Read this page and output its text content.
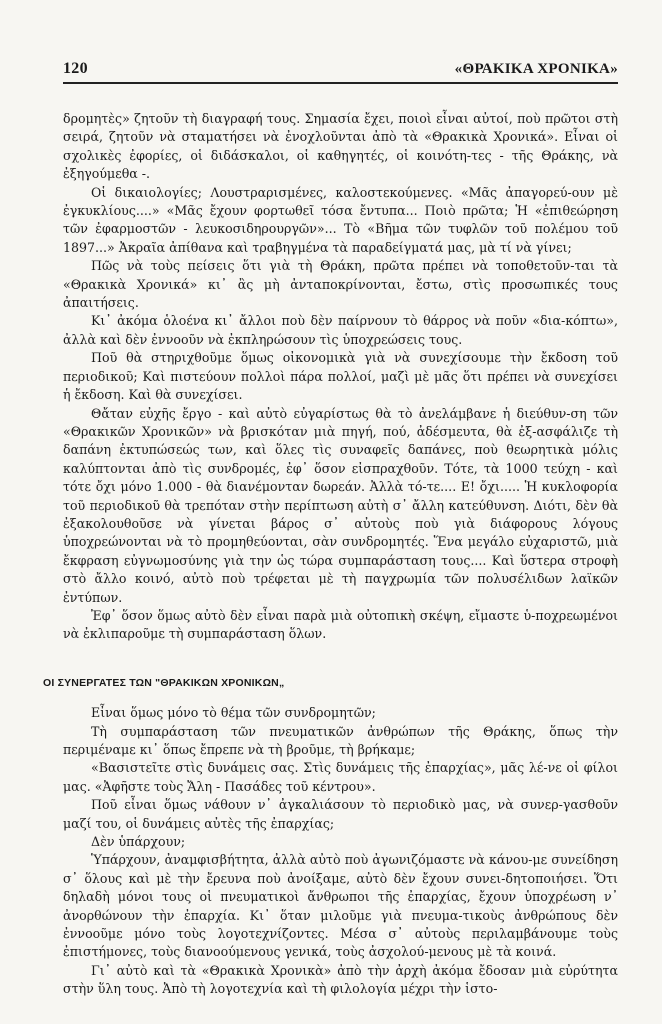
120	«ΘΡΑΚΙΚΑ ΧΡΟΝΙΚΑ»

δρομητὲς» ζητοῦν τὴ διαγραφή τους. Σημασία ἔχει, ποιοὶ εἶναι αὐτοί, ποὺ πρῶτοι στὴ σειρά, ζητοῦν νὰ σταματήσει νὰ ἐνοχλοῦνται ἀπὸ τὰ «Θρακικὰ Χρονικά». Εἶναι οἱ σχολικὲς ἐφορίες, οἱ διδάσκαλοι, οἱ καθηγητές, οἱ κοινότη-τες - τῆς Θράκης, νὰ ἐξηγούμεθα -.

Οἱ δικαιολογίες; Λουστραρισμένες, καλοστεκούμενες. «Μᾶς ἀπαγορεύ-ουν μὲ ἐγκυκλίους....» «Μᾶς ἔχουν φορτωθεῖ τόσα ἔντυπα... Ποιὸ πρῶτα; Ἡ «ἐπιθεώρηση τῶν ἐφαρμοστῶν - λευκοσιδηρουργῶν»... Τὸ «Βῆμα τῶν τυφλῶν τοῦ πολέμου τοῦ 1897...» Ἀκραῖα ἀπίθανα καὶ τραβηγμένα τὰ παραδείγματά μας, μὰ τί νὰ γίνει;

Πῶς νὰ τοὺς πείσεις ὅτι γιὰ τὴ Θράκη, πρῶτα πρέπει νὰ τοποθετοῦν-ται τὰ «Θρακικὰ Χρονικά» κι᾽ ἂς μὴ ἀνταποκρίνονται, ἔστω, στὶς προσωπικές τους ἀπαιτήσεις.

Κι᾽ ἀκόμα ὁλοένα κι᾽ ἄλλοι ποὺ δὲν παίρνουν τὸ θάρρος νὰ ποῦν «δια-κόπτω», ἀλλὰ καὶ δὲν ἐννοοῦν νὰ ἐκπληρώσουν τὶς ὑποχρεώσεις τους.

Ποῦ θὰ στηριχθοῦμε ὅμως οἰκονομικὰ γιὰ νὰ συνεχίσουμε τὴν ἔκδοση τοῦ περιοδικοῦ; Καὶ πιστεύουν πολλοὶ πάρα πολλοί, μαζὶ μὲ μᾶς ὅτι πρέπει νὰ συνεχίσει ἡ ἔκδοση. Καὶ θὰ συνεχίσει.

Θἄταν εὐχῆς ἔργο - καὶ αὐτὸ εὐγαρίστως θὰ τὸ ἀνελάμβανε ἡ διεύθυν-ση τῶν «Θρακικῶν Χρονικῶν» νὰ βρισκόταν μιὰ πηγή, πού, ἀδέσμευτα, θὰ ἐξ-ασφάλιζε τὴ δαπάνη ἐκτυπώσεώς των, καὶ ὅλες τὶς συναφεῖς δαπάνες, ποὺ θεωρητικὰ μόλις καλύπτονται ἀπὸ τὶς συνδρομές, ἐφ᾽ ὅσον εἰσπραχθοῦν. Τότε, τὰ 1000 τεύχη - καὶ τότε ὄχι μόνο 1.000 - θὰ διανέμονταν δωρεάν. Ἀλλὰ τό-τε.... Ε! ὄχι..... Ἡ κυκλοφορία τοῦ περιοδικοῦ θὰ τρεπόταν στὴν περίπτωση αὐτὴ σ᾽ ἄλλη κατεύθυνση. Διότι, δὲν θὰ ἐξακολουθοῦσε νὰ γίνεται βάρος σ᾽ αὐτοὺς ποὺ γιὰ διάφορους λόγους ὑποχρεώνονται νὰ τὸ προμηθεύονται, σὰν συνδρομητές. Ἕνα μεγάλο εὐχαριστῶ, μιὰ ἔκφραση εὐγνωμοσύνης γιὰ την ὡς τώρα συμπαράσταση τους.... Καὶ ὕστερα στροφὴ στὸ ἄλλο κοινό, αὐτὸ ποὺ τρέφεται μὲ τὴ παγχρωμία τῶν πολυσέλιδων λαϊκῶν ἐντύπων.

Ἐφ᾽ ὅσον ὅμως αὐτὸ δὲν εἶναι παρὰ μιὰ οὐτοπικὴ σκέψη, εἴμαστε ὑ-ποχρεωμένοι νὰ ἐκλιπαροῦμε τὴ συμπαράσταση ὅλων.

ΟΙ ΣΥΝΕΡΓΑΤΕΣ ΤΩΝ "ΘΡΑΚΙΚΩΝ ΧΡΟΝΙΚΩΝ„

Εἶναι ὅμως μόνο τὸ θέμα τῶν συνδρομητῶν;

Τὴ συμπαράσταση τῶν πνευματικῶν ἀνθρώπων τῆς Θράκης, ὅπως τὴν περιμέναμε κι᾽ ὅπως ἔπρεπε νὰ τὴ βροῦμε, τὴ βρήκαμε;

«Βασιστεῖτε στὶς δυνάμεις σας. Στὶς δυνάμεις τῆς ἐπαρχίας», μᾶς λέ-νε οἱ φίλοι μας. «Ἀφῆστε τοὺς Ἄλη - Πασάδες τοῦ κέντρου».

Ποῦ εἶναι ὅμως νάθουν ν᾽ ἀγκαλιάσουν τὸ περιοδικὸ μας, νὰ συνερ-γασθοῦν μαζί του, οἱ δυνάμεις αὐτὲς τῆς ἐπαρχίας;

Δὲν ὑπάρχουν;

Ὑπάρχουν, ἀναμφισβήτητα, ἀλλὰ αὐτὸ ποὺ ἀγωνιζόμαστε νὰ κάνου-με συνείδηση σ᾽ ὅλους καὶ μὲ τὴν ἔρευνα ποὺ ἀνοίξαμε, αὐτὸ δὲν ἔχουν συνει-δητοποιήσει. Ὅτι δηλαδὴ μόνοι τους οἱ πνευματικοὶ ἄνθρωποι τῆς ἐπαρχίας, ἔχουν ὑποχρέωση ν᾽ ἀνορθώνουν τὴν ἐπαρχία. Κι᾽ ὅταν μιλοῦμε γιὰ πνευμα-τικοὺς ἀνθρώπους δὲν ἐννοοῦμε μόνο τοὺς λογοτεχνίζοντες. Μέσα σ᾽ αὐτοὺς περιλαμβάνουμε τοὺς ἐπιστήμονες, τοὺς διανοούμενους γενικά, τοὺς ἀσχολού-μενους μὲ τὰ κοινά.

Γι᾽ αὐτὸ καὶ τὰ «Θρακικὰ Χρονικὰ» ἀπὸ τὴν ἀρχὴ ἀκόμα ἔδοσαν μιὰ εὐρύτητα στὴν ὕλη τους. Ἀπὸ τὴ λογοτεχνία καὶ τὴ φιλολογία μέχρι τὴν ἱστο-
